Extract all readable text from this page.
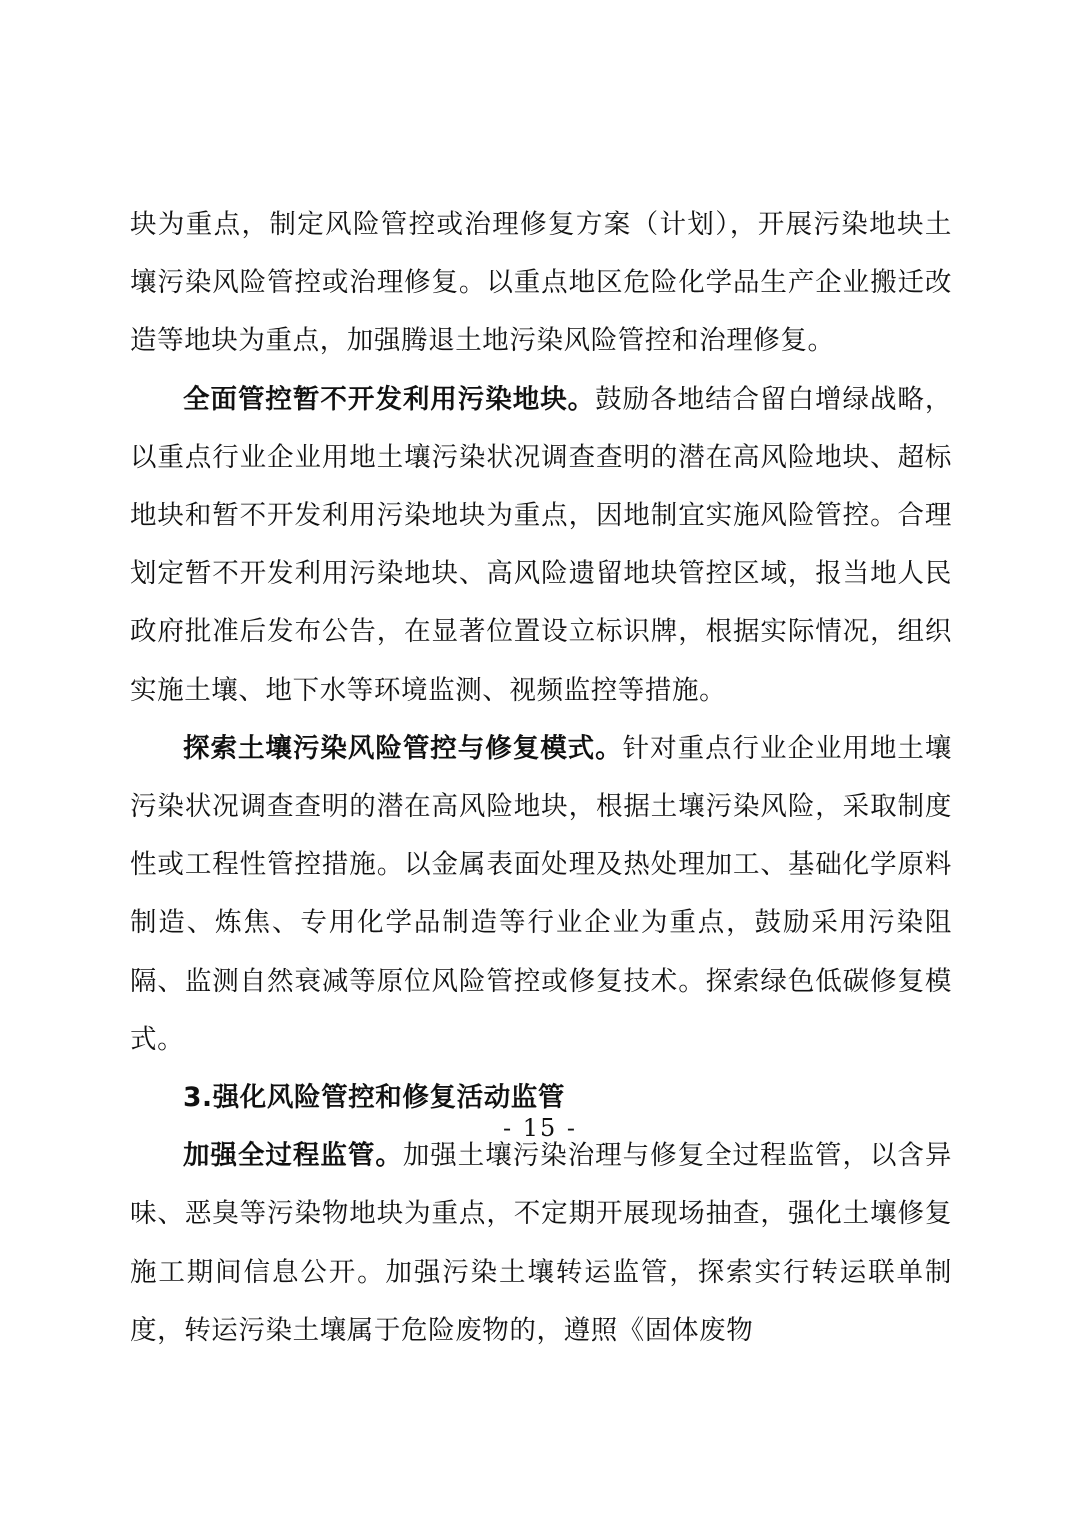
块为重点，制定风险管控或治理修复方案（计划），开展污染地块土壤污染风险管控或治理修复。以重点地区危险化学品生产企业搬迁改造等地块为重点，加强腾退土地污染风险管控和治理修复。

全面管控暂不开发利用污染地块。鼓励各地结合留白增绿战略，以重点行业企业用地土壤污染状况调查查明的潜在高风险地块、超标地块和暂不开发利用污染地块为重点，因地制宜实施风险管控。合理划定暂不开发利用污染地块、高风险遗留地块管控区域，报当地人民政府批准后发布公告，在显著位置设立标识牌，根据实际情况，组织实施土壤、地下水等环境监测、视频监控等措施。

探索土壤污染风险管控与修复模式。针对重点行业企业用地土壤污染状况调查查明的潜在高风险地块，根据土壤污染风险，采取制度性或工程性管控措施。以金属表面处理及热处理加工、基础化学原料制造、炼焦、专用化学品制造等行业企业为重点，鼓励采用污染阻隔、监测自然衰减等原位风险管控或修复技术。探索绿色低碳修复模式。

3.强化风险管控和修复活动监管

加强全过程监管。加强土壤污染治理与修复全过程监管，以含异味、恶臭等污染物地块为重点，不定期开展现场抽查，强化土壤修复施工期间信息公开。加强污染土壤转运监管，探索实行转运联单制度，转运污染土壤属于危险废物的，遵照《固体废物

- 15 -
